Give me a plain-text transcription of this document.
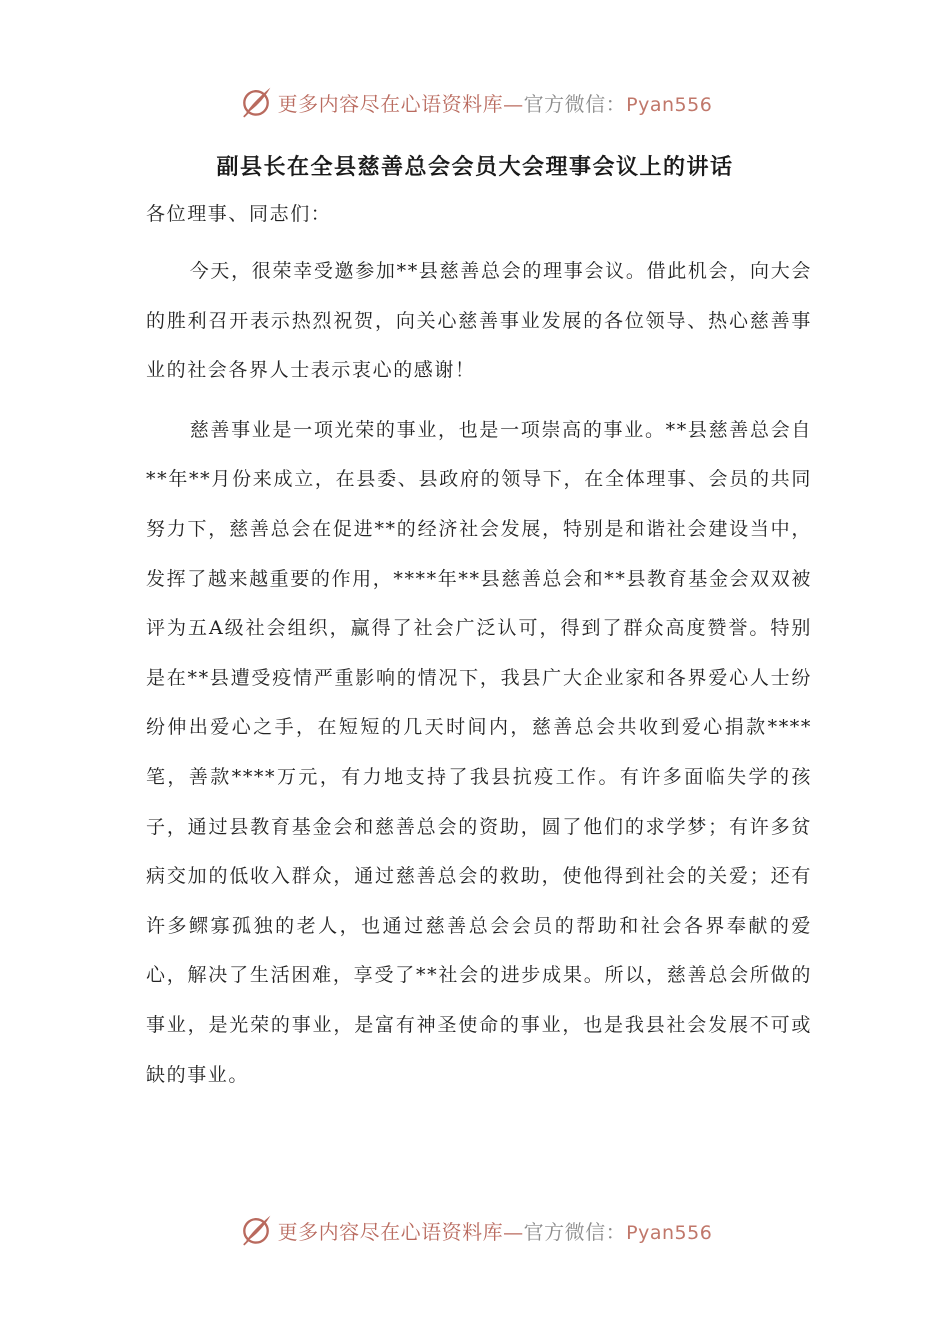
更多内容尽在心语资料库—官方微信：Pyan556
副县长在全县慈善总会会员大会理事会议上的讲话

各位理事、同志们：

今天，很荣幸受邀参加**县慈善总会的理事会议。借此机会，向大会的胜利召开表示热烈祝贺，向关心慈善事业发展的各位领导、热心慈善事业的社会各界人士表示衷心的感谢！

慈善事业是一项光荣的事业，也是一项崇高的事业。**县慈善总会自**年**月份来成立，在县委、县政府的领导下，在全体理事、会员的共同努力下，慈善总会在促进**的经济社会发展，特别是和谐社会建设当中，发挥了越来越重要的作用，****年**县慈善总会和**县教育基金会双双被评为五A级社会组织，赢得了社会广泛认可，得到了群众高度赞誉。特别是在**县遭受疫情严重影响的情况下，我县广大企业家和各界爱心人士纷纷伸出爱心之手，在短短的几天时间内，慈善总会共收到爱心捐款****笔，善款****万元，有力地支持了我县抗疫工作。有许多面临失学的孩子，通过县教育基金会和慈善总会的资助，圆了他们的求学梦；有许多贫病交加的低收入群众，通过慈善总会的救助，使他得到社会的关爱；还有许多鳏寡孤独的老人，也通过慈善总会会员的帮助和社会各界奉献的爱心，解决了生活困难，享受了**社会的进步成果。所以，慈善总会所做的事业，是光荣的事业，是富有神圣使命的事业，也是我县社会发展不可或缺的事业。

更多内容尽在心语资料库—官方微信：Pyan556
